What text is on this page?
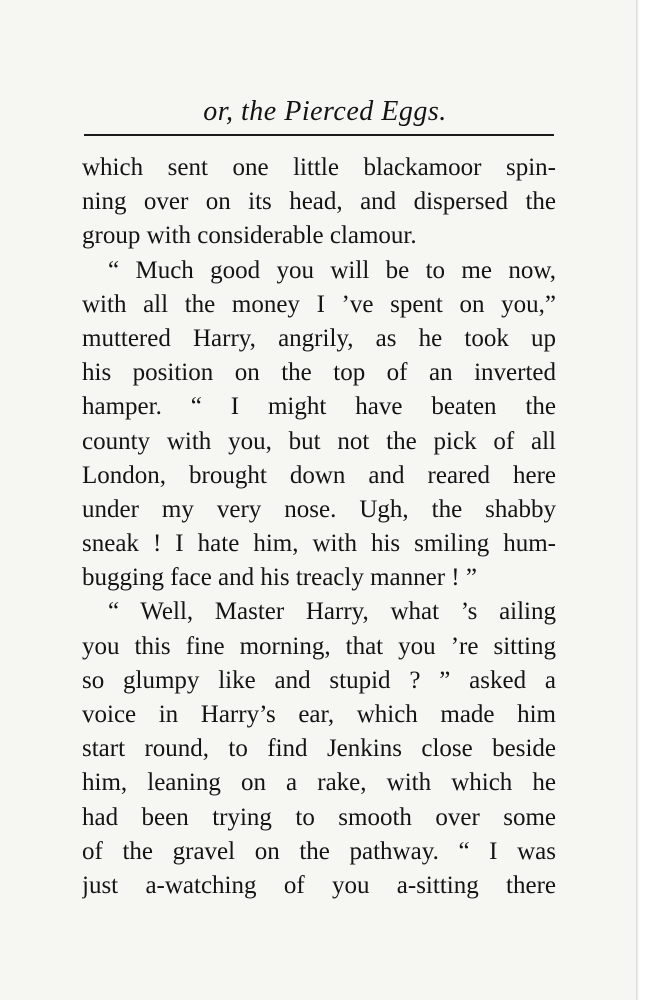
or, the Pierced Eggs.
which sent one little blackamoor spin-
ning over on its head, and dispersed the
group with considerable clamour.
“ Much good you will be to me now,
with all the money I ’ve spent on you,”
muttered Harry, angrily, as he took up
his position on the top of an inverted
hamper. “ I might have beaten the
county with you, but not the pick of all
London, brought down and reared here
under my very nose. Ugh, the shabby
sneak ! I hate him, with his smiling hum-
bugging face and his treacly manner ! ”
“ Well, Master Harry, what ’s ailing
you this fine morning, that you ’re sitting
so glumpy like and stupid ? ” asked a
voice in Harry’s ear, which made him
start round, to find Jenkins close beside
him, leaning on a rake, with which he
had been trying to smooth over some
of the gravel on the pathway. “ I was
just a-watching of you a-sitting there
